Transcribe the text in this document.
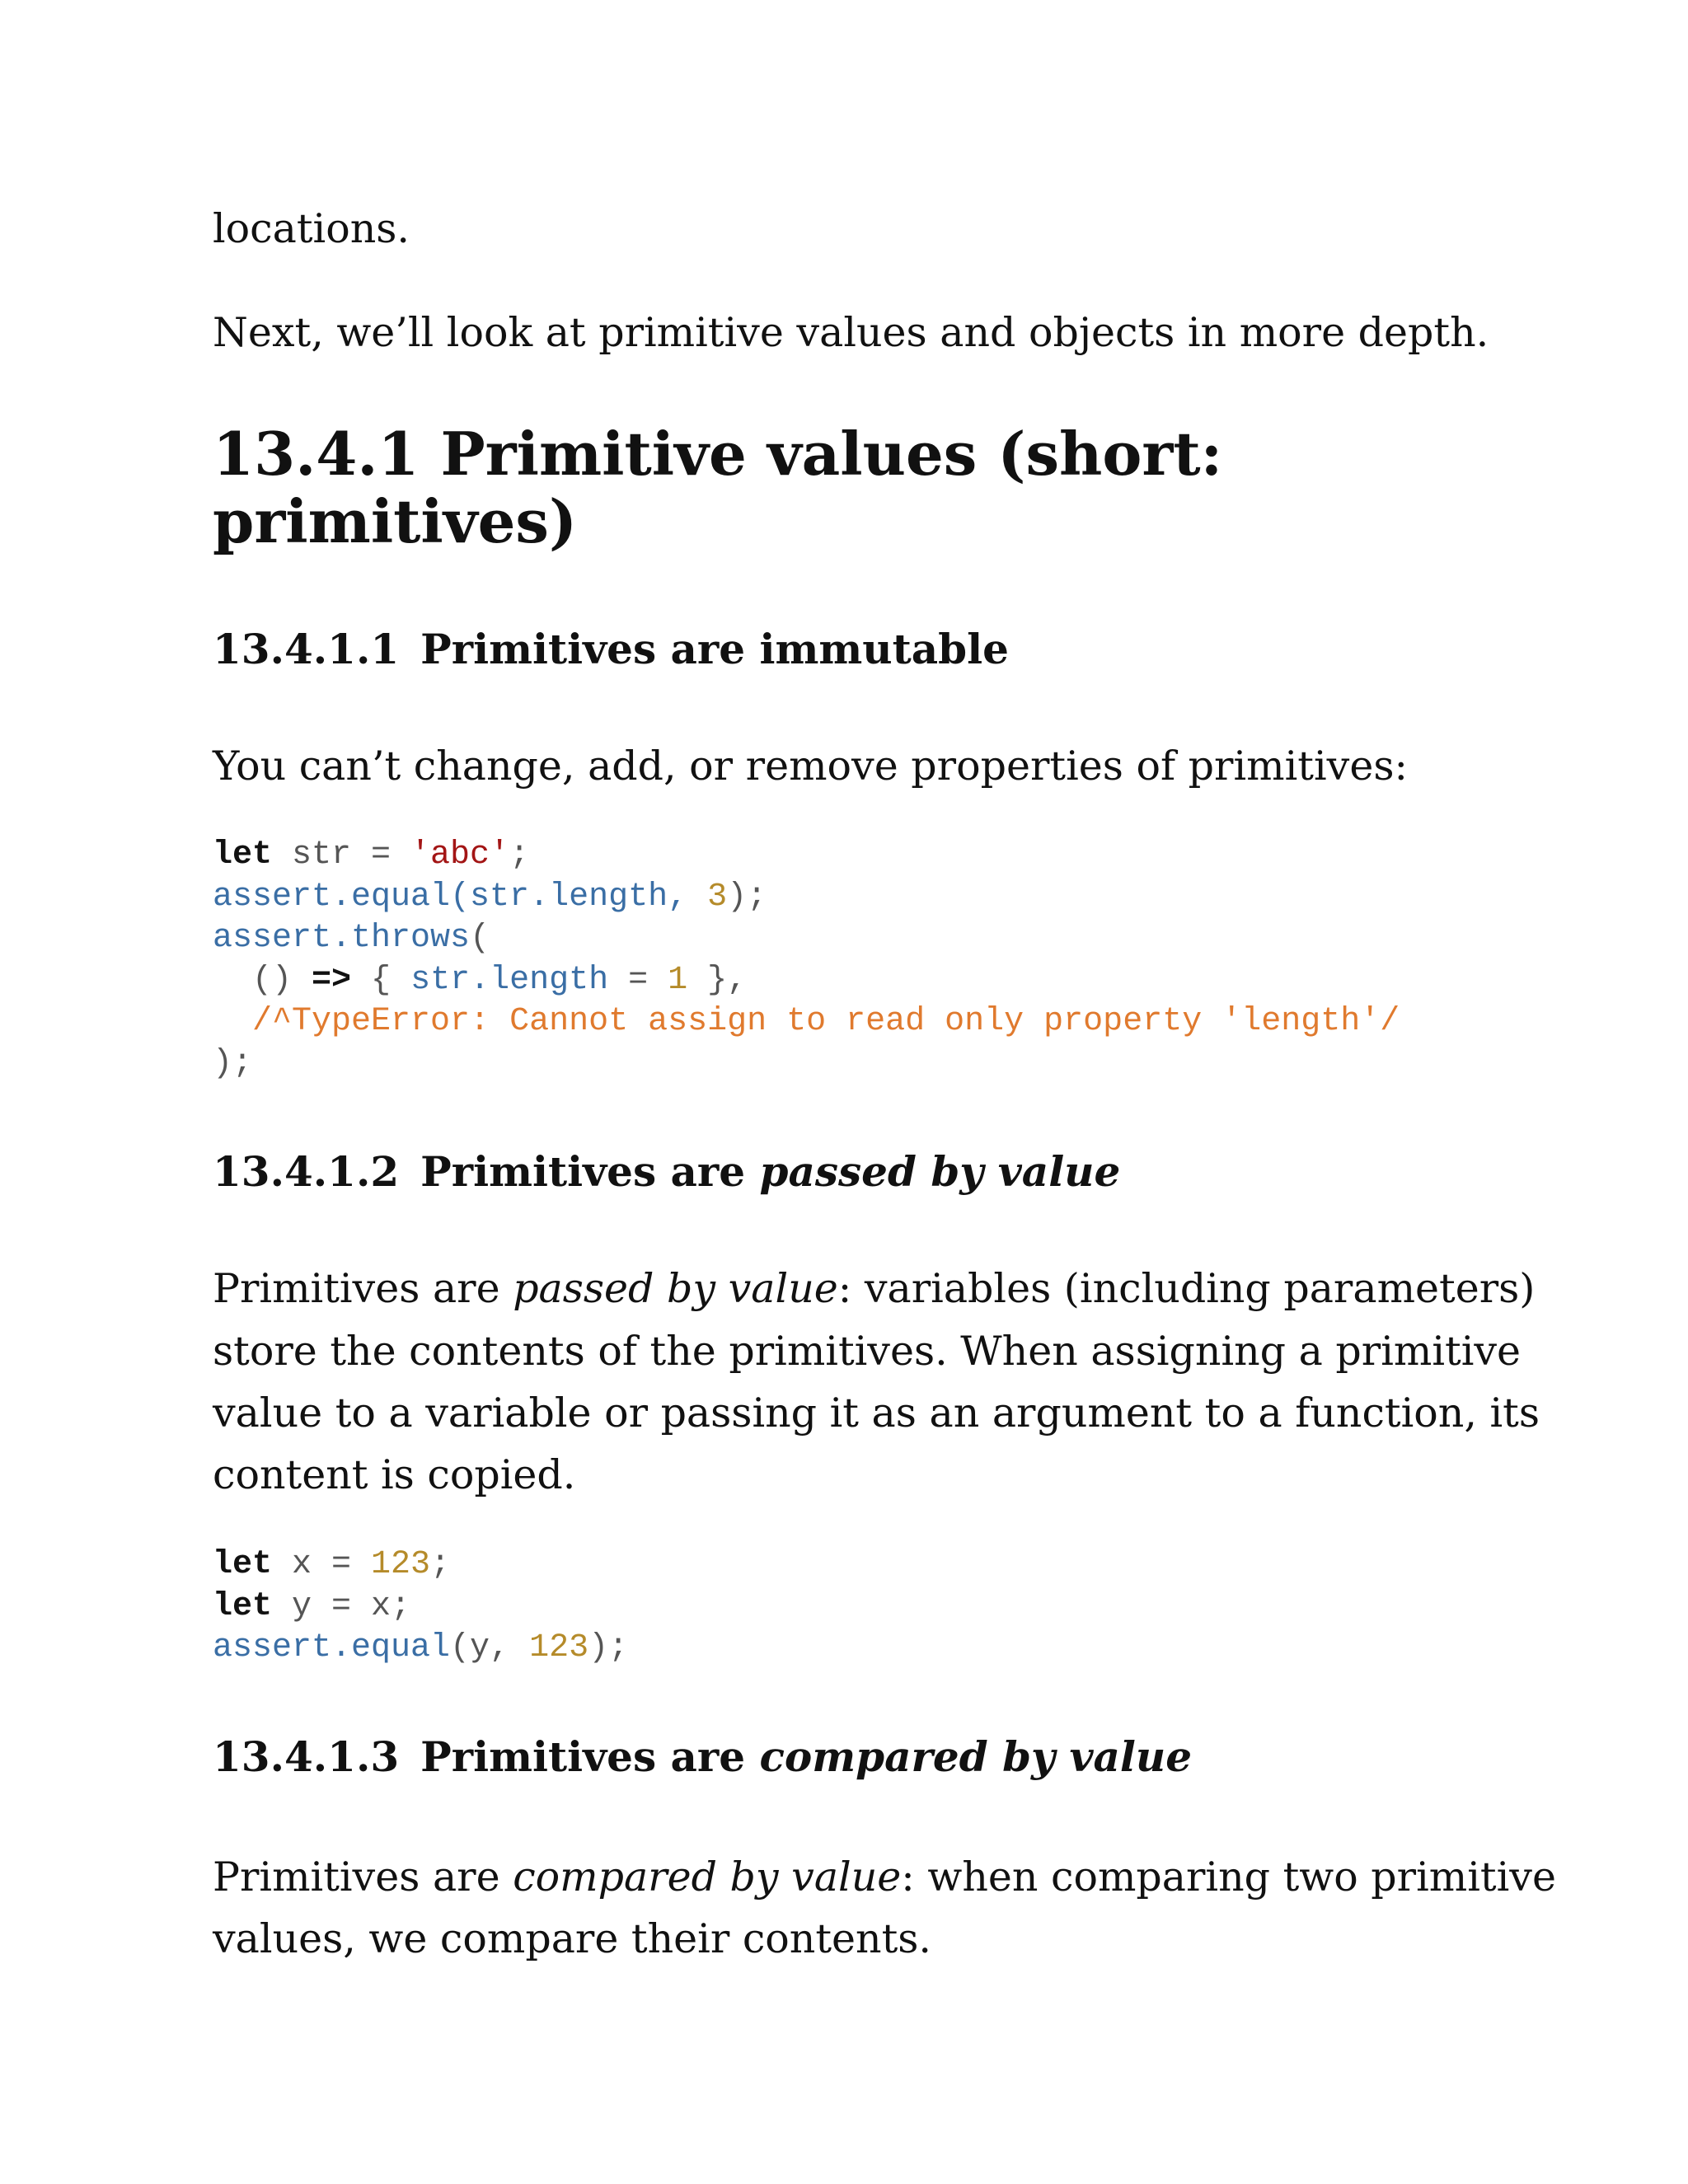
locations.

Next, we’ll look at primitive values and objects in more depth.

13.4.1 Primitive values (short:
primitives)
13.4.1.1 Primitives are immutable

You can’t change, add, or remove properties of primitives:

let str = 'abc';
assert.equal(str.length, 3);
assert.throws(
() => { str.length = 1 },
/^TypeError: Cannot assign to read only property 'length'/
);
13.4.1.2 Primitives are passed by value

Primitives are passed by value: variables (including parameters)

store the contents of the primitives. When assigning a primitive

value to a variable or passing it as an argument to a function, its

content is copied.

let x = 123;
let y = x;
assert.equal(y, 123);
13.4.1.3 Primitives are compared by value

Primitives are compared by value: when comparing two primitive

values, we compare their contents.
